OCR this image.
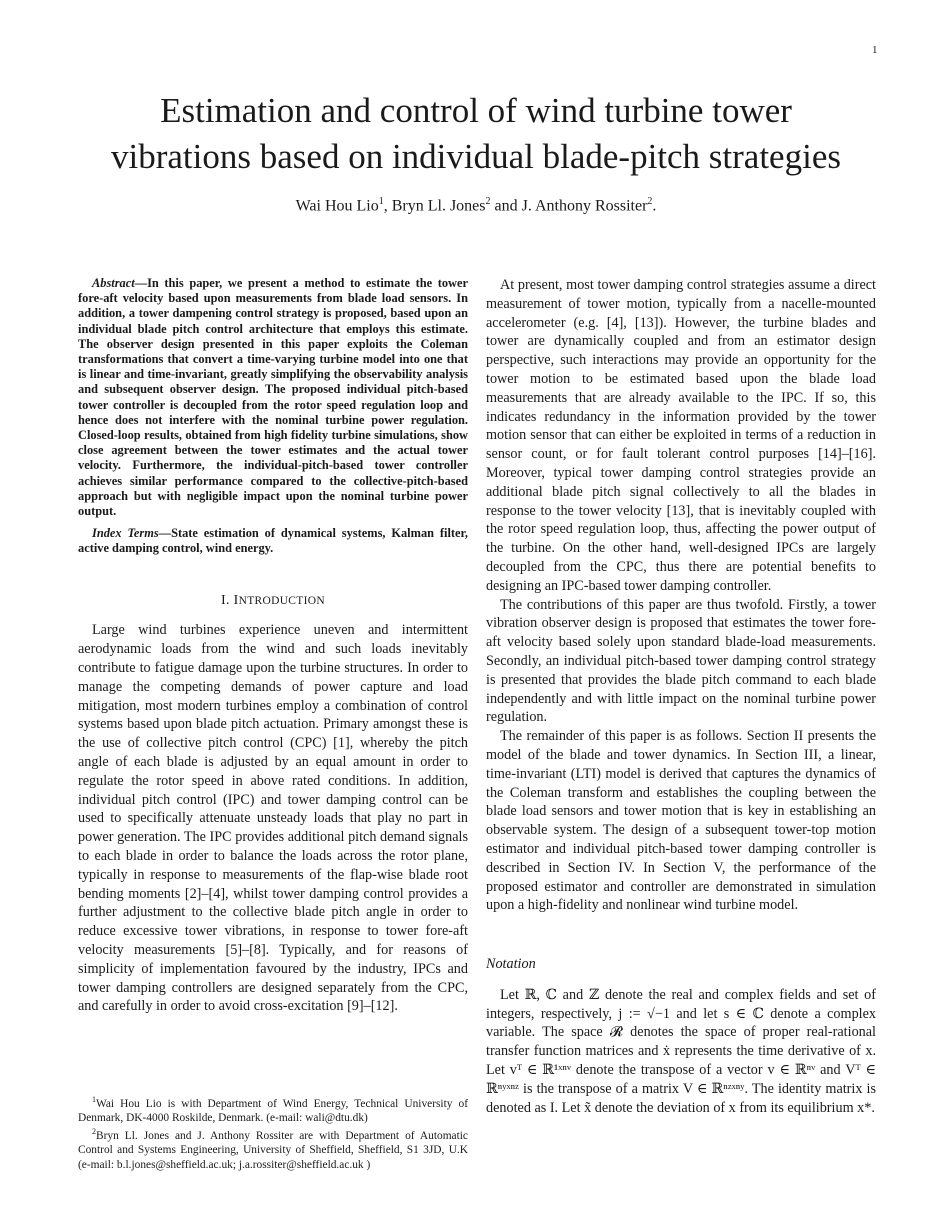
1
Estimation and control of wind turbine tower
vibrations based on individual blade-pitch strategies
Wai Hou Lio$^1$, Bryn Ll. Jones$^2$ and J. Anthony Rossiter$^2$.

Abstract—In this paper, we present a method to estimate the tower fore-aft velocity based upon measurements from blade load sensors. In addition, a tower dampening control strategy is proposed, based upon an individual blade pitch control architecture that employs this estimate. The observer design presented in this paper exploits the Coleman transformations that convert a time-varying turbine model into one that is linear and time-invariant, greatly simplifying the observability analysis and subsequent observer design. The proposed individual pitch-based tower controller is decoupled from the rotor speed regulation loop and hence does not interfere with the nominal turbine power regulation. Closed-loop results, obtained from high fidelity turbine simulations, show close agreement between the tower estimates and the actual tower velocity. Furthermore, the individual-pitch-based tower controller achieves similar performance compared to the collective-pitch-based approach but with negligible impact upon the nominal turbine power output.

Index Terms—State estimation of dynamical systems, Kalman filter, active damping control, wind energy.

I. INTRODUCTION

Large wind turbines experience uneven and intermittent aerodynamic loads from the wind and such loads inevitably contribute to fatigue damage upon the turbine structures. In order to manage the competing demands of power capture and load mitigation, most modern turbines employ a combination of control systems based upon blade pitch actuation. Primary amongst these is the use of collective pitch control (CPC) [1], whereby the pitch angle of each blade is adjusted by an equal amount in order to regulate the rotor speed in above rated conditions. In addition, individual pitch control (IPC) and tower damping control can be used to specifically attenuate unsteady loads that play no part in power generation. The IPC provides additional pitch demand signals to each blade in order to balance the loads across the rotor plane, typically in response to measurements of the flap-wise blade root bending moments [2]–[4], whilst tower damping control provides a further adjustment to the collective blade pitch angle in order to reduce excessive tower vibrations, in response to tower fore-aft velocity measurements [5]–[8]. Typically, and for reasons of simplicity of implementation favoured by the industry, IPCs and tower damping controllers are designed separately from the CPC, and carefully in order to avoid cross-excitation [9]–[12].

$^1$Wai Hou Lio is with Department of Wind Energy, Technical University of Denmark, DK-4000 Roskilde, Denmark. (e-mail: wali@dtu.dk)

$^2$Bryn Ll. Jones and J. Anthony Rossiter are with Department of Automatic Control and Systems Engineering, University of Sheffield, Sheffield, S1 3JD, U.K (e-mail: b.l.jones@sheffield.ac.uk; j.a.rossiter@sheffield.ac.uk )

At present, most tower damping control strategies assume a direct measurement of tower motion, typically from a nacelle-mounted accelerometer (e.g. [4], [13]). However, the turbine blades and tower are dynamically coupled and from an estimator design perspective, such interactions may provide an opportunity for the tower motion to be estimated based upon the blade load measurements that are already available to the IPC. If so, this indicates redundancy in the information provided by the tower motion sensor that can either be exploited in terms of a reduction in sensor count, or for fault tolerant control purposes [14]–[16]. Moreover, typical tower damping control strategies provide an additional blade pitch signal collectively to all the blades in response to the tower velocity [13], that is inevitably coupled with the rotor speed regulation loop, thus, affecting the power output of the turbine. On the other hand, well-designed IPCs are largely decoupled from the CPC, thus there are potential benefits to designing an IPC-based tower damping controller.

The contributions of this paper are thus twofold. Firstly, a tower vibration observer design is proposed that estimates the tower fore-aft velocity based solely upon standard blade-load measurements. Secondly, an individual pitch-based tower damping control strategy is presented that provides the blade pitch command to each blade independently and with little impact on the nominal turbine power regulation.

The remainder of this paper is as follows. Section II presents the model of the blade and tower dynamics. In Section III, a linear, time-invariant (LTI) model is derived that captures the dynamics of the Coleman transform and establishes the coupling between the blade load sensors and tower motion that is key in establishing an observable system. The design of a subsequent tower-top motion estimator and individual pitch-based tower damping controller is described in Section IV. In Section V, the performance of the proposed estimator and controller are demonstrated in simulation upon a high-fidelity and nonlinear wind turbine model.

Notation

Let ℝ, ℂ and ℤ denote the real and complex fields and set of integers, respectively, j := √−1 and let s ∈ ℂ denote a complex variable. The space 𝓡 denotes the space of proper real-rational transfer function matrices and ẋ represents the time derivative of x. Let vᵀ ∈ ℝ¹ˣⁿᵛ denote the transpose of a vector v ∈ ℝⁿᵛ and Vᵀ ∈ ℝⁿʸˣⁿᶻ is the transpose of a matrix V ∈ ℝⁿᶻˣⁿʸ. The identity matrix is denoted as I. Let x̃ denote the deviation of x from its equilibrium x*.
